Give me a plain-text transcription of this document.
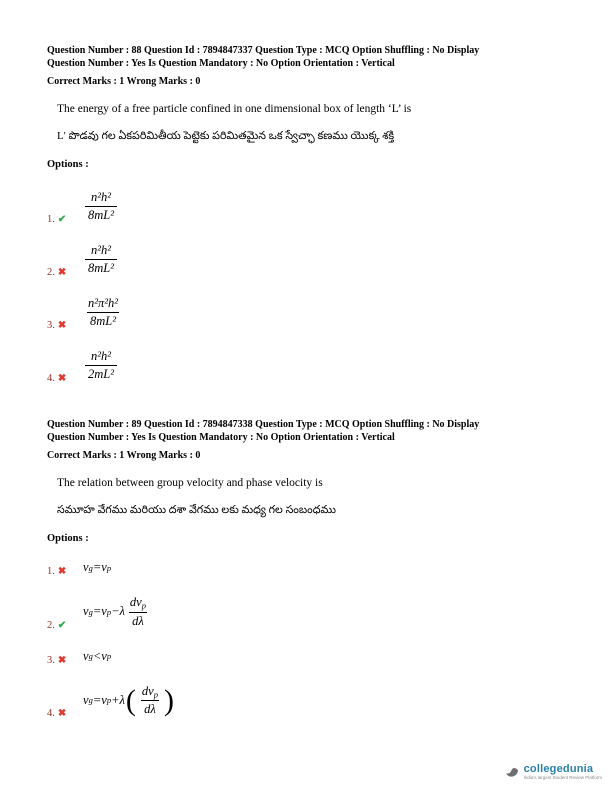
Question Number : 88 Question Id : 7894847337 Question Type : MCQ Option Shuffling : No Display
Question Number : Yes Is Question Mandatory : No Option Orientation : Vertical
Correct Marks : 1 Wrong Marks : 0
The energy of a free particle confined in one dimensional box of length ‘L’ is
L' పొడవు గల ఏకపరిమితీయ పెట్టెకు పరిమితమైన ఒక స్వేచ్ఛా కణము యొక్క శక్తి
Options :
1. ✔ $\frac{\text{n²h²}}{\text{8mL²}}$
2. ✖ $\frac{\text{n²h²}}{\text{8mL²}}$
3. ✖ $\frac{\text{n²π²h²}}{\text{8mL²}}$
4. ✖ $\frac{\text{n²h²}}{\text{2mL²}}$
Question Number : 89 Question Id : 7894847338 Question Type : MCQ Option Shuffling : No Display
Question Number : Yes Is Question Mandatory : No Option Orientation : Vertical
Correct Marks : 1 Wrong Marks : 0
The relation between group velocity and phase velocity is
సమూహ వేగము మరియు దశా వేగము లకు మధ్య గల సంబంధము
Options :
1. ✖ v g = v p
2. ✔
v g = v p − λ $\frac{dv_p}{d\lambda}$
3. ✖ v g < v p
4. ✖
v g = v p + λ ( $\frac{dv_p}{d\lambda}$ )
collegedunia
India's largest Student Review Platform
